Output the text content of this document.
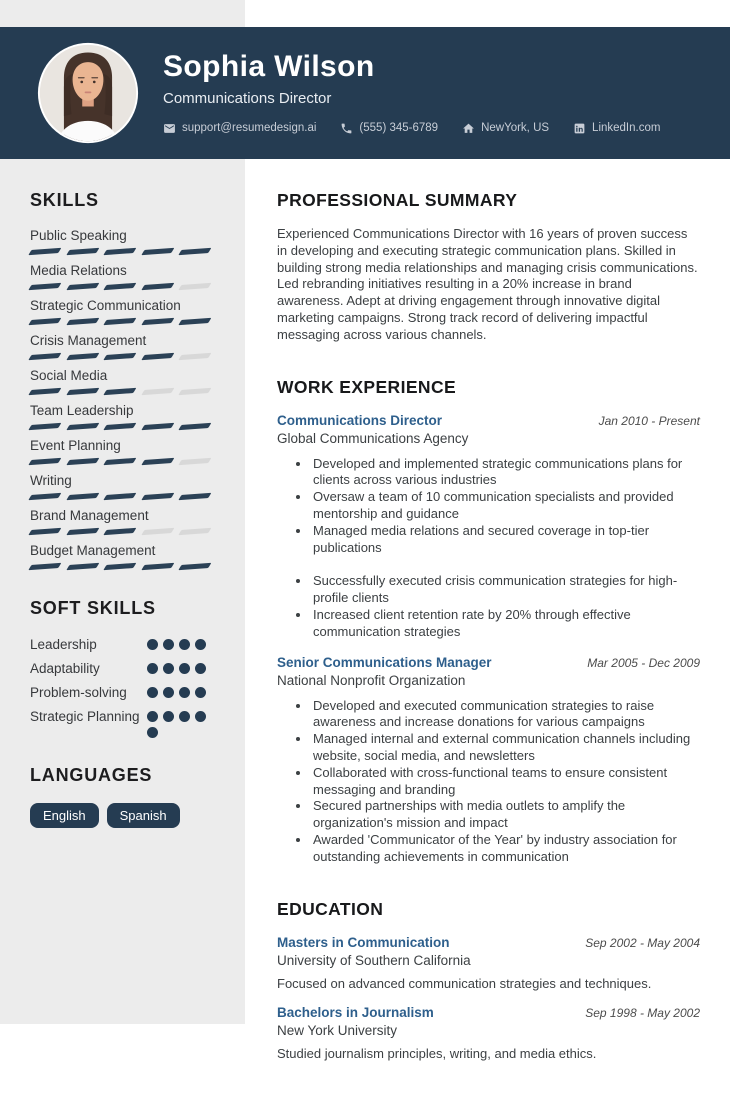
Sophia Wilson
Communications Director
support@resumedesign.ai	(555) 345-6789	NewYork, US	LinkedIn.com
SKILLS
Public Speaking
Media Relations
Strategic Communication
Crisis Management
Social Media
Team Leadership
Event Planning
Writing
Brand Management
Budget Management
SOFT SKILLS
Leadership
Adaptability
Problem-solving
Strategic Planning
LANGUAGES
English	Spanish
PROFESSIONAL SUMMARY

Experienced Communications Director with 16 years of proven success in developing and executing strategic communication plans. Skilled in building strong media relationships and managing crisis communications. Led rebranding initiatives resulting in a 20% increase in brand awareness. Adept at driving engagement through innovative digital marketing campaigns. Strong track record of delivering impactful messaging across various channels.

WORK EXPERIENCE
Communications Director	Jan 2010 - Present
Global Communications Agency
• Developed and implemented strategic communications plans for clients across various industries
• Oversaw a team of 10 communication specialists and provided mentorship and guidance
• Managed media relations and secured coverage in top-tier publications
• Successfully executed crisis communication strategies for high-profile clients
• Increased client retention rate by 20% through effective communication strategies
Senior Communications Manager	Mar 2005 - Dec 2009
National Nonprofit Organization
• Developed and executed communication strategies to raise awareness and increase donations for various campaigns
• Managed internal and external communication channels including website, social media, and newsletters
• Collaborated with cross-functional teams to ensure consistent messaging and branding
• Secured partnerships with media outlets to amplify the organization's mission and impact
• Awarded 'Communicator of the Year' by industry association for outstanding achievements in communication
EDUCATION
Masters in Communication	Sep 2002 - May 2004
University of Southern California
Focused on advanced communication strategies and techniques.
Bachelors in Journalism	Sep 1998 - May 2002
New York University
Studied journalism principles, writing, and media ethics.
